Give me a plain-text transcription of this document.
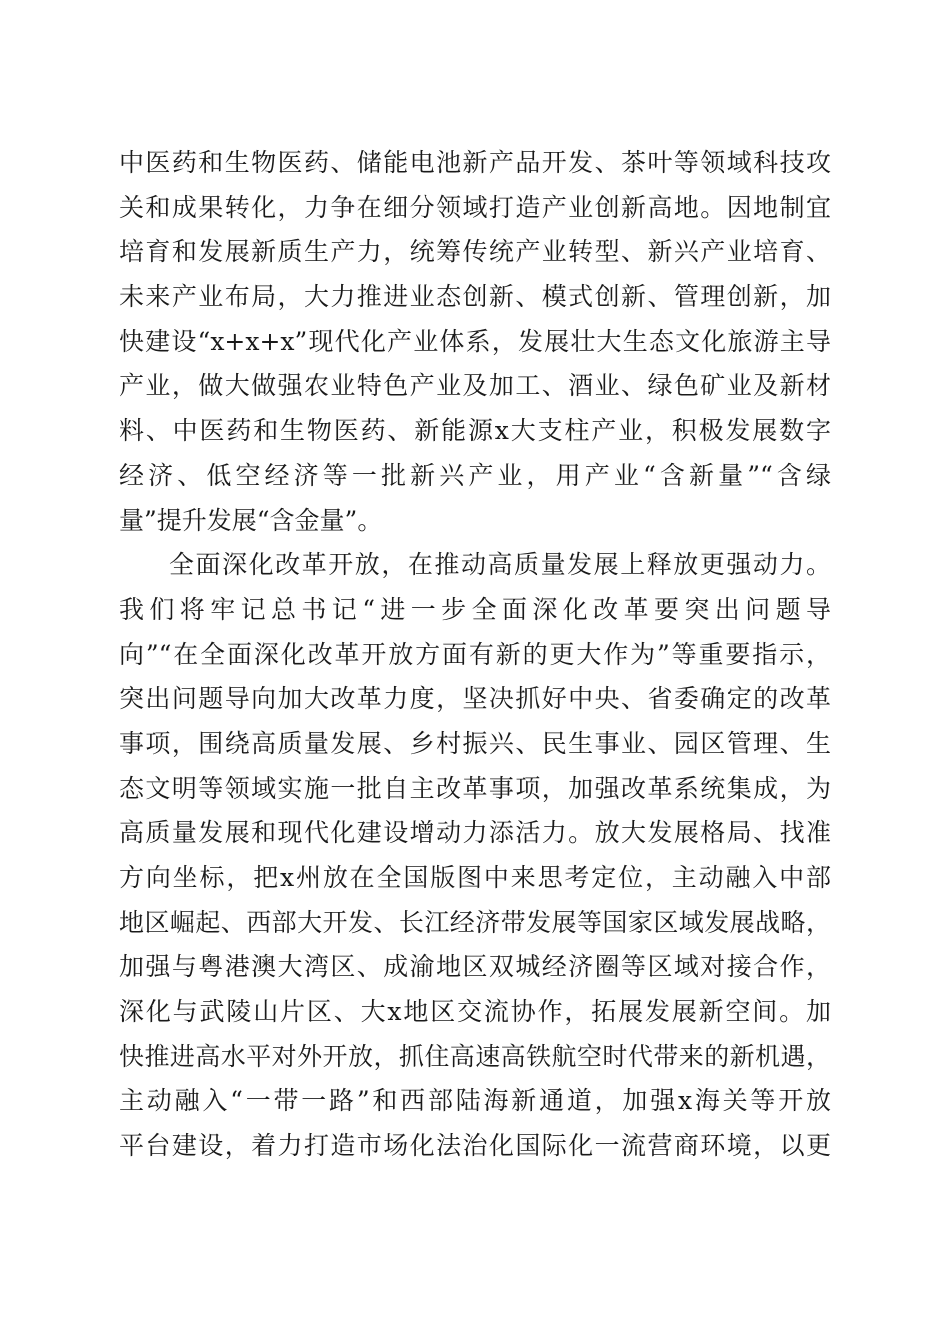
中医药和生物医药、储能电池新产品开发、茶叶等领域科技攻
关和成果转化，力争在细分领域打造产业创新高地。因地制宜
培育和发展新质生产力，统筹传统产业转型、新兴产业培育、
未来产业布局，大力推进业态创新、模式创新、管理创新，加
快建设“x+x+x”现代化产业体系，发展壮大生态文化旅游主导
产业，做大做强农业特色产业及加工、酒业、绿色矿业及新材
料、中医药和生物医药、新能源x大支柱产业，积极发展数字
经济、低空经济等一批新兴产业，用产业“含新量”“含绿
量”提升发展“含金量”。
全面深化改革开放，在推动高质量发展上释放更强动力。
我们将牢记总书记“进一步全面深化改革要突出问题导
向”“在全面深化改革开放方面有新的更大作为”等重要指示，
突出问题导向加大改革力度，坚决抓好中央、省委确定的改革
事项，围绕高质量发展、乡村振兴、民生事业、园区管理、生
态文明等领域实施一批自主改革事项，加强改革系统集成，为
高质量发展和现代化建设增动力添活力。放大发展格局、找准
方向坐标，把x州放在全国版图中来思考定位，主动融入中部
地区崛起、西部大开发、长江经济带发展等国家区域发展战略，
加强与粤港澳大湾区、成渝地区双城经济圈等区域对接合作，
深化与武陵山片区、大x地区交流协作，拓展发展新空间。加
快推进高水平对外开放，抓住高速高铁航空时代带来的新机遇，
主动融入“一带一路”和西部陆海新通道，加强x海关等开放
平台建设，着力打造市场化法治化国际化一流营商环境，以更
